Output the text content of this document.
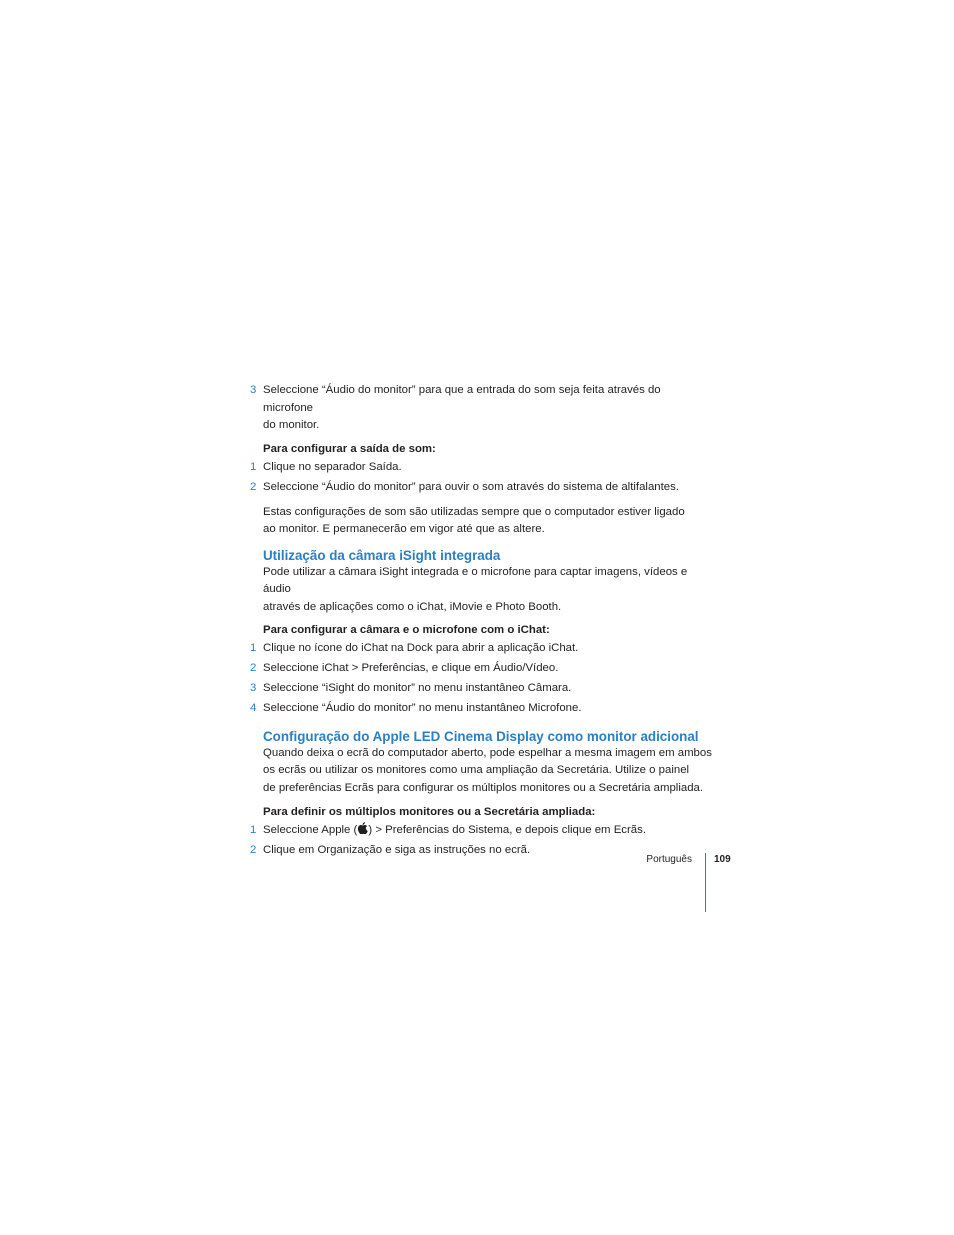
3 Seleccione “Áudio do monitor” para que a entrada do som seja feita através do microfone
do monitor.

Para configurar a saída de som:

1 Clique no separador Saída.
2 Seleccione “Áudio do monitor” para ouvir o som através do sistema de altifalantes.

Estas configurações de som são utilizadas sempre que o computador estiver ligado

ao monitor. E permanecerão em vigor até que as altere.

Utilização da câmara iSight integrada

Pode utilizar a câmara iSight integrada e o microfone para captar imagens, vídeos e áudio

através de aplicações como o iChat, iMovie e Photo Booth.

Para configurar a câmara e o microfone com o iChat:

1 Clique no ícone do iChat na Dock para abrir a aplicação iChat.
2 Seleccione iChat > Preferências, e clique em Áudio/Vídeo.
3 Seleccione “iSight do monitor” no menu instantâneo Câmara.
4 Seleccione “Áudio do monitor” no menu instantâneo Microfone.
Configuração do Apple LED Cinema Display como monitor adicional

Quando deixa o ecrã do computador aberto, pode espelhar a mesma imagem em ambos

os ecrãs ou utilizar os monitores como uma ampliação da Secretária. Utilize o painel

de preferências Ecrãs para configurar os múltiplos monitores ou a Secretária ampliada.

Para definir os múltiplos monitores ou a Secretária ampliada:

1 Seleccione Apple ( ) > Preferências do Sistema, e depois clique em Ecrãs.
2 Clique em Organização e siga as instruções no ecrã.
Português 109
